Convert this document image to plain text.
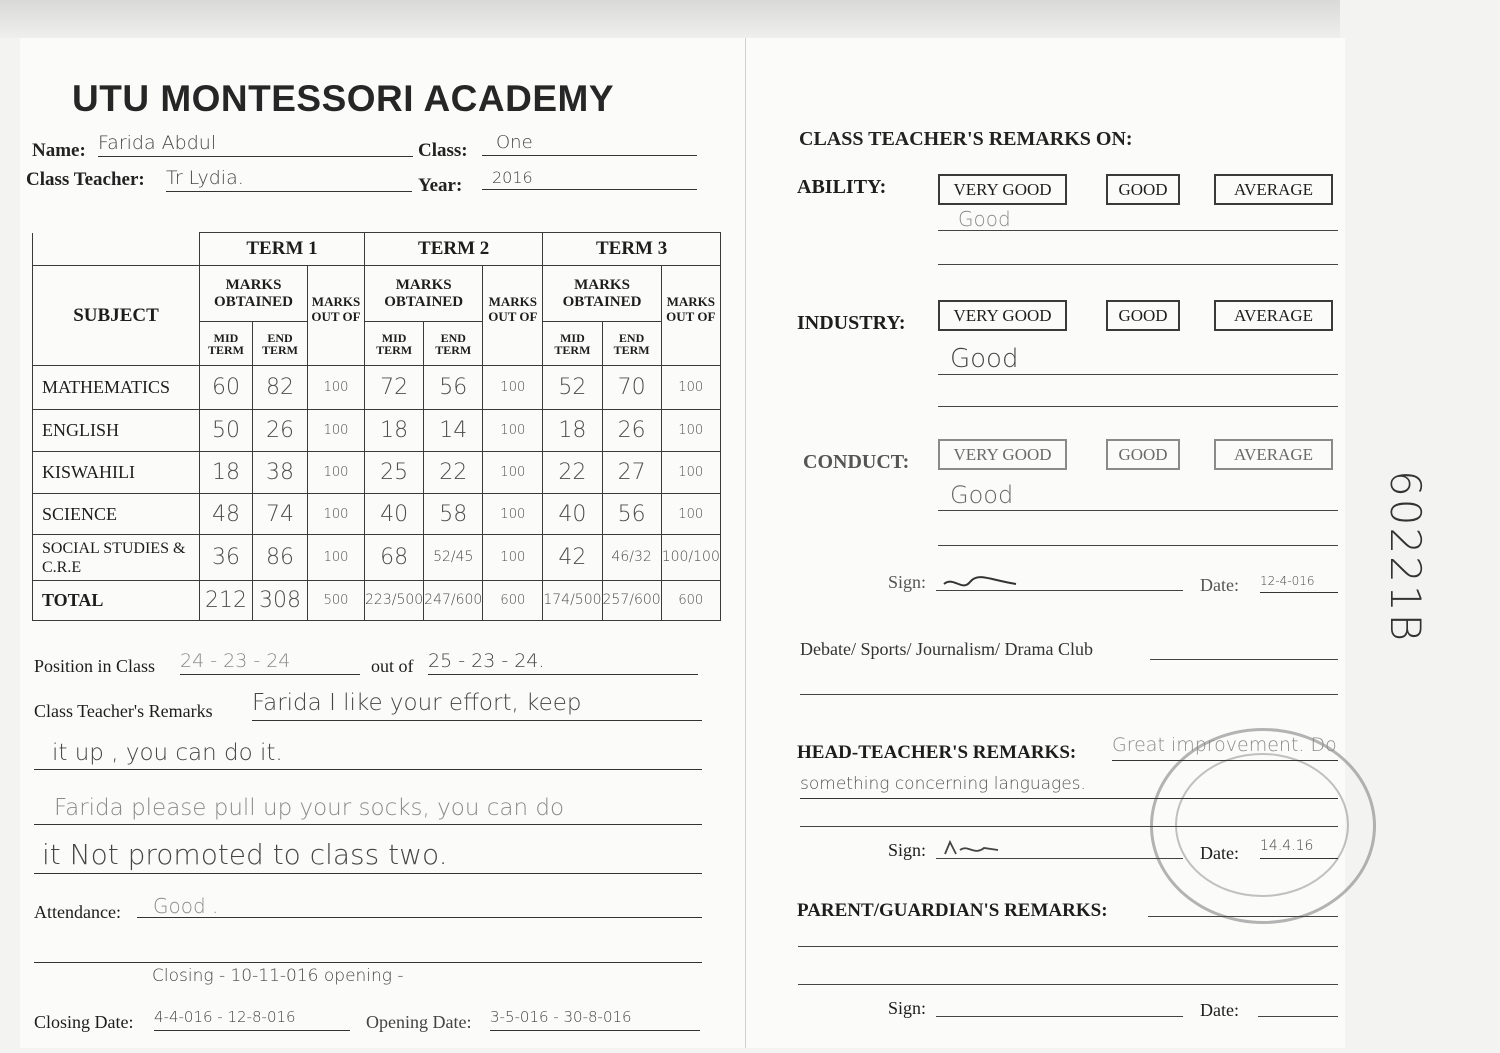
UTU MONTESSORI ACADEMY
Name: Farida Abdul	Class:	One
Class Teacher: Tr Lydia.	Year:	2016
	TERM 1			TERM 2			TERM 3		
SUBJECT	MARKS OBTAINED		MARKS OUT OF	MARKS OBTAINED		MARKS OUT OF	MARKS OBTAINED		MARKS OUT OF
	MID TERM	END TERM		MID TERM	END TERM		MID TERM	END TERM	
MATHEMATICS	60	82	100	72	56	100	52	70	100
ENGLISH	50	26	100	18	14	100	18	26	100
KISWAHILI	18	38	100	25	22	100	22	27	100
SCIENCE	48	74	100	40	58	100	40	56	100
SOCIAL STUDIES & C.R.E	36	86	100	68	52/45	100	42	46/32	100/100
TOTAL	212	308	500	223/500	247/600	600	174/500	257/600	600
Position in Class 24 - 23 - 24	out of 25 - 23 - 24.
Class Teacher's Remarks Farida I like your effort, keep
it up , you can do it.
Farida please pull up your socks, you can do
it Not promoted to class two.
Attendance:	Good .
Closing - 10-11-016 opening -
Closing Date: 4-4-016 - 12-8-016	Opening Date: 3-5-016 - 30-8-016
CLASS TEACHER'S REMARKS ON:
ABILITY:	VERY GOOD	GOOD	AVERAGE
Good
INDUSTRY:	VERY GOOD	GOOD	AVERAGE
Good
CONDUCT:	VERY GOOD	GOOD	AVERAGE
Good
Sign:	Date: 12-4-016
Debate/ Sports/ Journalism/ Drama Club
HEAD-TEACHER'S REMARKS: Great improvement. Do
something concerning languages.
Sign:	Date: 14.4.16
PARENT/GUARDIAN'S REMARKS:
Sign:	Date:
60221B
